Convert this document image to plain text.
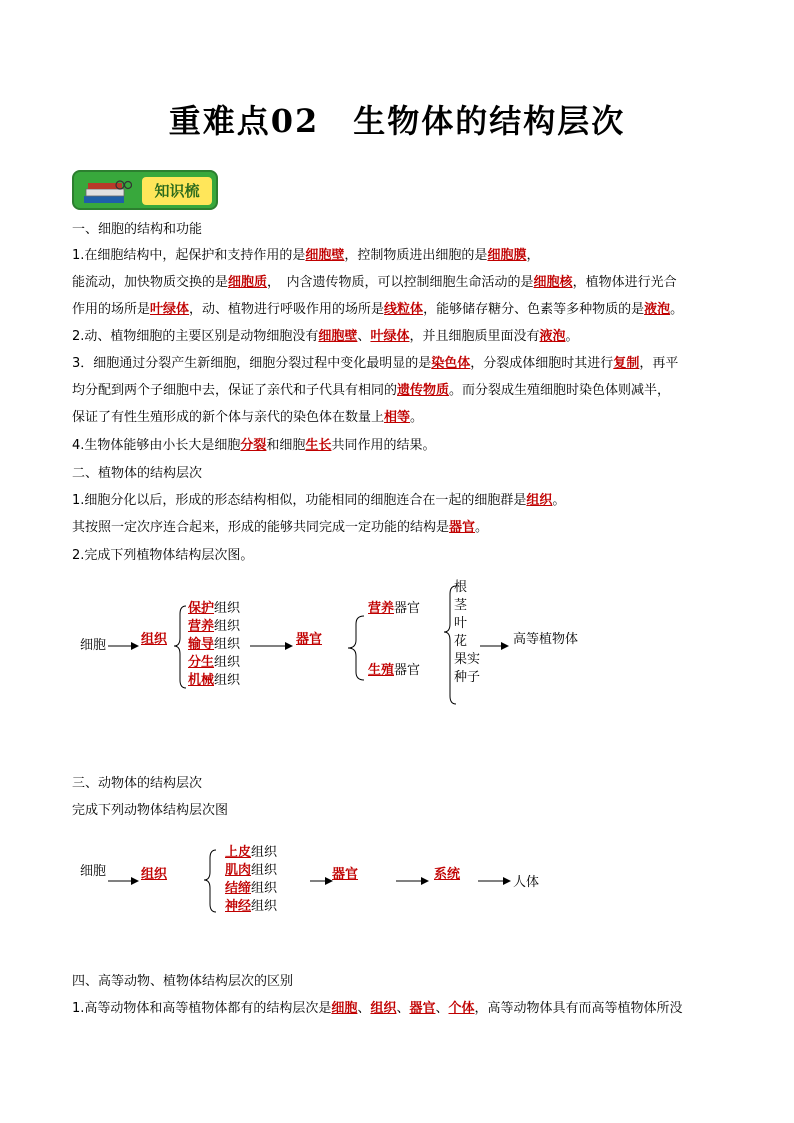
重难点02　生物体的结构层次
知识梳
一、细胞的结构和功能
1.在细胞结构中，起保护和支持作用的是细胞壁，控制物质进出细胞的是细胞膜，
能流动，加快物质交换的是细胞质，　内含遗传物质，可以控制细胞生命活动的是细胞核，植物体进行光合
作用的场所是叶绿体，动、植物进行呼吸作用的场所是线粒体，能够储存糖分、色素等多种物质的是液泡。
2.动、植物细胞的主要区别是动物细胞没有细胞壁、叶绿体，并且细胞质里面没有液泡。
3．细胞通过分裂产生新细胞，细胞分裂过程中变化最明显的是染色体，分裂成体细胞时其进行复制，再平
均分配到两个子细胞中去，保证了亲代和子代具有相同的遗传物质。而分裂成生殖细胞时染色体则减半，
保证了有性生殖形成的新个体与亲代的染色体在数量上相等。
4.生物体能够由小长大是细胞分裂和细胞生长共同作用的结果。
二、植物体的结构层次
1.细胞分化以后，形成的形态结构相似，功能相同的细胞连合在一起的细胞群是组织。
其按照一定次序连合起来，形成的能够共同完成一定功能的结构是器官。
2.完成下列植物体结构层次图。
细胞	组织
保护组织
营养组织
输导组织
分生组织
机械组织
器官
营养器官
生殖器官
根
茎
叶
花
果实
种子
高等植物体
三、动物体的结构层次
完成下列动物体结构层次图
细胞	组织
上皮组织
肌肉组织
结缔组织
神经组织
器官	系统
人体
四、高等动物、植物体结构层次的区别
1.高等动物体和高等植物体都有的结构层次是细胞、组织、器官、个体，高等动物体具有而高等植物体所没
